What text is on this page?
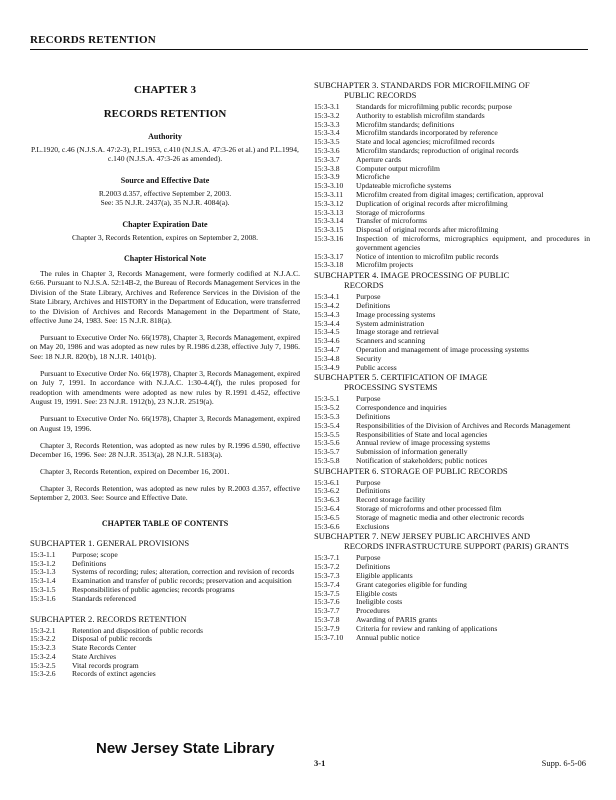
RECORDS RETENTION
CHAPTER 3
RECORDS RETENTION
Authority
P.L.1920, c.46 (N.J.S.A. 47:2-3), P.L.1953, c.410 (N.J.S.A. 47:3-26 et al.) and P.L.1994, c.140 (N.J.S.A. 47:3-26 as amended).
Source and Effective Date
R.2003 d.357, effective September 2, 2003.
See: 35 N.J.R. 2437(a), 35 N.J.R. 4084(a).
Chapter Expiration Date
Chapter 3, Records Retention, expires on September 2, 2008.
Chapter Historical Note

The rules in Chapter 3, Records Management, were formerly codified at N.J.A.C. 6:66. Pursuant to N.J.S.A. 52:14B-2, the Bureau of Records Management Services in the Division of the State Library, Archives and Reference Services in the Division of the State Library, Archives and HISTORY in the Department of Education, were transferred to the Division of Archives and Records Management in the Department of State, effective June 24, 1983. See: 15 N.J.R. 818(a).

Pursuant to Executive Order No. 66(1978), Chapter 3, Records Management, expired on May 20, 1986 and was adopted as new rules by R.1986 d.238, effective July 7, 1986. See: 18 N.J.R. 820(b), 18 N.J.R. 1401(b).

Pursuant to Executive Order No. 66(1978), Chapter 3, Records Management, expired on July 7, 1991. In accordance with N.J.A.C. 1:30-4.4(f), the rules proposed for readoption with amendments were adopted as new rules by R.1991 d.452, effective August 19, 1991. See: 23 N.J.R. 1912(b), 23 N.J.R. 2519(a).

Pursuant to Executive Order No. 66(1978), Chapter 3, Records Management, expired on August 19, 1996.

Chapter 3, Records Retention, was adopted as new rules by R.1996 d.590, effective December 16, 1996. See: 28 N.J.R. 3513(a), 28 N.J.R. 5183(a).

Chapter 3, Records Retention, expired on December 16, 2001.

Chapter 3, Records Retention, was adopted as new rules by R.2003 d.357, effective September 2, 2003. See: Source and Effective Date.

CHAPTER TABLE OF CONTENTS
SUBCHAPTER 1. GENERAL PROVISIONS
15:3-1.1	Purpose; scope
15:3-1.2	Definitions
15:3-1.3	Systems of recording; rules; alteration, correction and revision of records
15:3-1.4	Examination and transfer of public records; preservation and acquisition
15:3-1.5	Responsibilities of public agencies; records programs
15:3-1.6	Standards referenced
SUBCHAPTER 2. RECORDS RETENTION
15:3-2.1	Retention and disposition of public records
15:3-2.2	Disposal of public records
15:3-2.3	State Records Center
15:3-2.4	State Archives
15:3-2.5	Vital records program
15:3-2.6	Records of extinct agencies
SUBCHAPTER 3. STANDARDS FOR MICROFILMING OF
PUBLIC RECORDS
15:3-3.1	Standards for microfilming public records; purpose
15:3-3.2	Authority to establish microfilm standards
15:3-3.3	Microfilm standards; definitions
15:3-3.4	Microfilm standards incorporated by reference
15:3-3.5	State and local agencies; microfilmed records
15:3-3.6	Microfilm standards; reproduction of original records
15:3-3.7	Aperture cards
15:3-3.8	Computer output microfilm
15:3-3.9	Microfiche
15:3-3.10	Updateable microfiche systems
15:3-3.11	Microfilm created from digital images; certification, approval
15:3-3.12	Duplication of original records after microfilming
15:3-3.13	Storage of microforms
15:3-3.14	Transfer of microforms
15:3-3.15	Disposal of original records after microfilming
15:3-3.16	Inspection of microforms, micrographics equipment, and procedures in government agencies
15:3-3.17	Notice of intention to microfilm public records
15:3-3.18	Microfilm projects
SUBCHAPTER 4. IMAGE PROCESSING OF PUBLIC
RECORDS
15:3-4.1	Purpose
15:3-4.2	Definitions
15:3-4.3	Image processing systems
15:3-4.4	System administration
15:3-4.5	Image storage and retrieval
15:3-4.6	Scanners and scanning
15:3-4.7	Operation and management of image processing systems
15:3-4.8	Security
15:3-4.9	Public access
SUBCHAPTER 5. CERTIFICATION OF IMAGE
PROCESSING SYSTEMS
15:3-5.1	Purpose
15:3-5.2	Correspondence and inquiries
15:3-5.3	Definitions
15:3-5.4	Responsibilities of the Division of Archives and Records Management
15:3-5.5	Responsibilities of State and local agencies
15:3-5.6	Annual review of image processing systems
15:3-5.7	Submission of information generally
15:3-5.8	Notification of stakeholders; public notices
SUBCHAPTER 6. STORAGE OF PUBLIC RECORDS
15:3-6.1	Purpose
15:3-6.2	Definitions
15:3-6.3	Record storage facility
15:3-6.4	Storage of microforms and other processed film
15:3-6.5	Storage of magnetic media and other electronic records
15:3-6.6	Exclusions
SUBCHAPTER 7. NEW JERSEY PUBLIC ARCHIVES AND
RECORDS INFRASTRUCTURE SUPPORT (PARIS) GRANTS
15:3-7.1	Purpose
15:3-7.2	Definitions
15:3-7.3	Eligible applicants
15:3-7.4	Grant categories eligible for funding
15:3-7.5	Eligible costs
15:3-7.6	Ineligible costs
15:3-7.7	Procedures
15:3-7.8	Awarding of PARIS grants
15:3-7.9	Criteria for review and ranking of applications
15:3-7.10	Annual public notice
New Jersey State Library
3-1	Supp. 6-5-06
